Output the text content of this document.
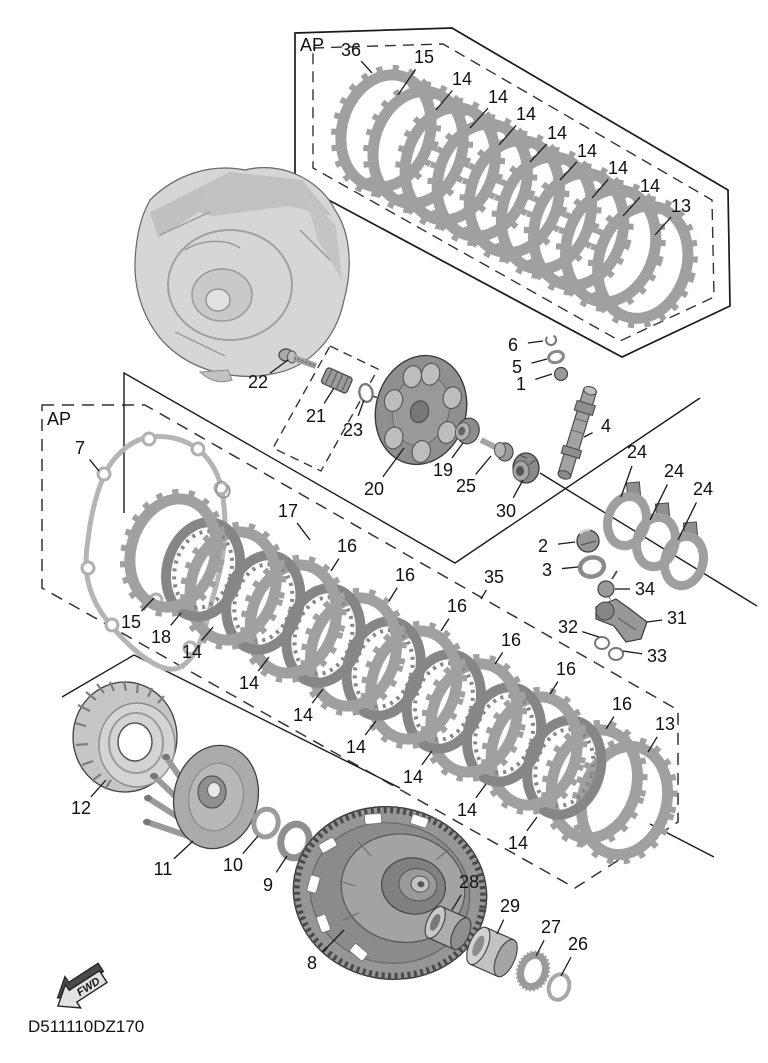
FWD
D511110DZ170
AP 36	15
14
14
14
14
14
14
14
13
6
5
1
4
22
21
23
20
19
25
30
24
24
24
2
3
34
31
32
33
35
AP
7
15
18
14
14
14
14
14
14
14
17
16
16
16
16
16
16
13
12
11	10
9
8
28
29
27
26
